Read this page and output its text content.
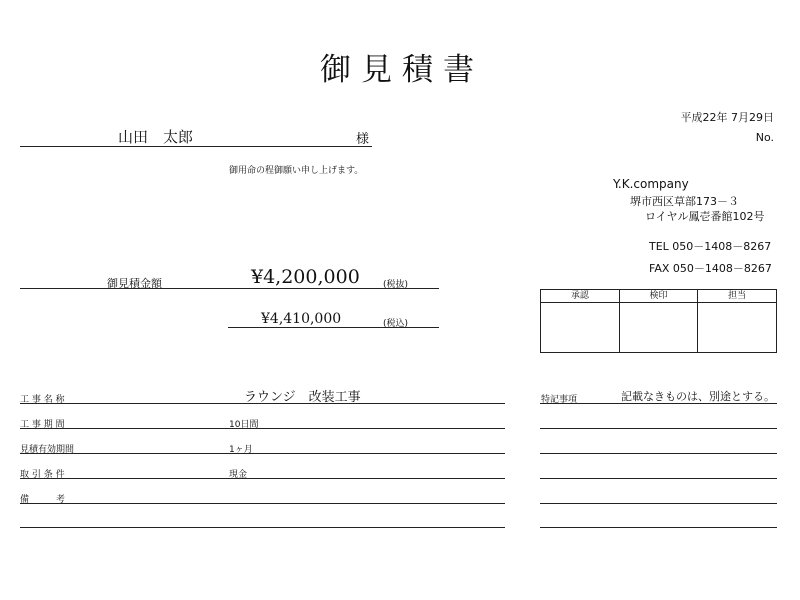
御見積書
平成22年 7月29日
No.
山田　太郎	様
御用命の程御願い申し上げます。
Y.K.company
堺市西区草部173－３
ロイヤル鳳壱番館102号
TEL 050－1408－8267
FAX 050－1408－8267
御見積金額	¥4,200,000	(税抜)
¥4,410,000	(税込)
承認	検印	担当

工 事 名 称	ラウンジ　改装工事
工 事 期 間	10日間
見積有効期間	1ヶ月
取 引 条 件	現金
備　　　考
特記事項	記載なきものは、別途とする。
